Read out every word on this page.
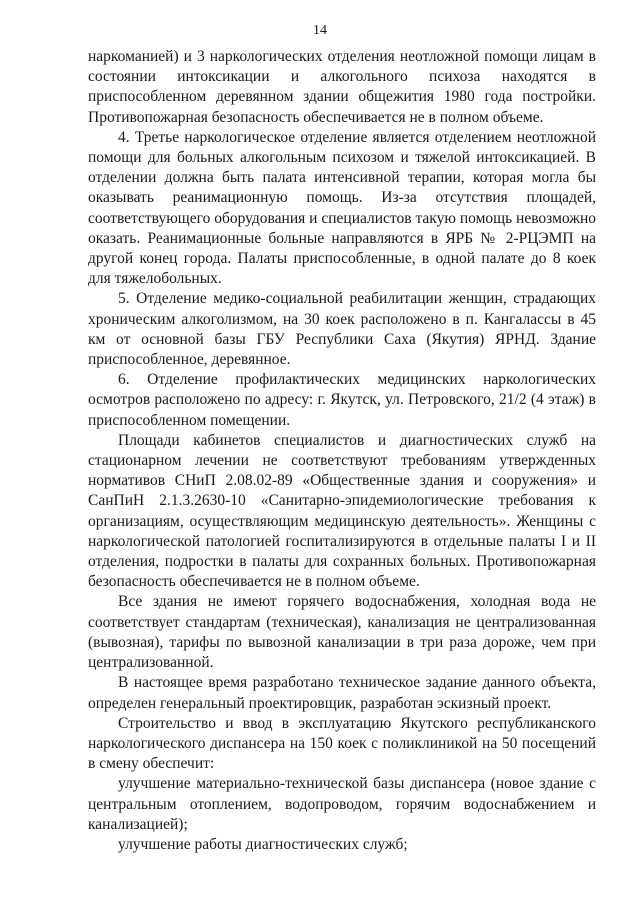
14

наркоманией) и 3 наркологических отделения неотложной помощи лицам в состоянии интоксикации и алкогольного психоза находятся в приспособленном деревянном здании общежития 1980 года постройки. Противопожарная безопасность обеспечивается не в полном объеме.

4. Третье наркологическое отделение является отделением неотложной помощи для больных алкогольным психозом и тяжелой интоксикацией. В отделении должна быть палата интенсивной терапии, которая могла бы оказывать реанимационную помощь. Из-за отсутствия площадей, соответствующего оборудования и специалистов такую помощь невозможно оказать. Реанимационные больные направляются в ЯРБ № 2-РЦЭМП на другой конец города. Палаты приспособленные, в одной палате до 8 коек для тяжелобольных.

5. Отделение медико-социальной реабилитации женщин, страдающих хроническим алкоголизмом, на 30 коек расположено в п. Кангалассы в 45 км от основной базы ГБУ Республики Саха (Якутия) ЯРНД. Здание приспособленное, деревянное.

6. Отделение профилактических медицинских наркологических осмотров расположено по адресу: г. Якутск, ул. Петровского, 21/2 (4 этаж) в приспособленном помещении.

Площади кабинетов специалистов и диагностических служб на стационарном лечении не соответствуют требованиям утвержденных нормативов СНиП 2.08.02-89 «Общественные здания и сооружения» и СанПиН 2.1.3.2630-10 «Санитарно-эпидемиологические требования к организациям, осуществляющим медицинскую деятельность». Женщины с наркологической патологией госпитализируются в отдельные палаты I и II отделения, подростки в палаты для сохранных больных. Противопожарная безопасность обеспечивается не в полном объеме.

Все здания не имеют горячего водоснабжения, холодная вода не соответствует стандартам (техническая), канализация не централизованная (вывозная), тарифы по вывозной канализации в три раза дороже, чем при централизованной.

В настоящее время разработано техническое задание данного объекта, определен генеральный проектировщик, разработан эскизный проект.

Строительство и ввод в эксплуатацию Якутского республиканского наркологического диспансера на 150 коек с поликлиникой на 50 посещений в смену обеспечит:

улучшение материально-технической базы диспансера (новое здание с центральным отоплением, водопроводом, горячим водоснабжением и канализацией);

улучшение работы диагностических служб;
